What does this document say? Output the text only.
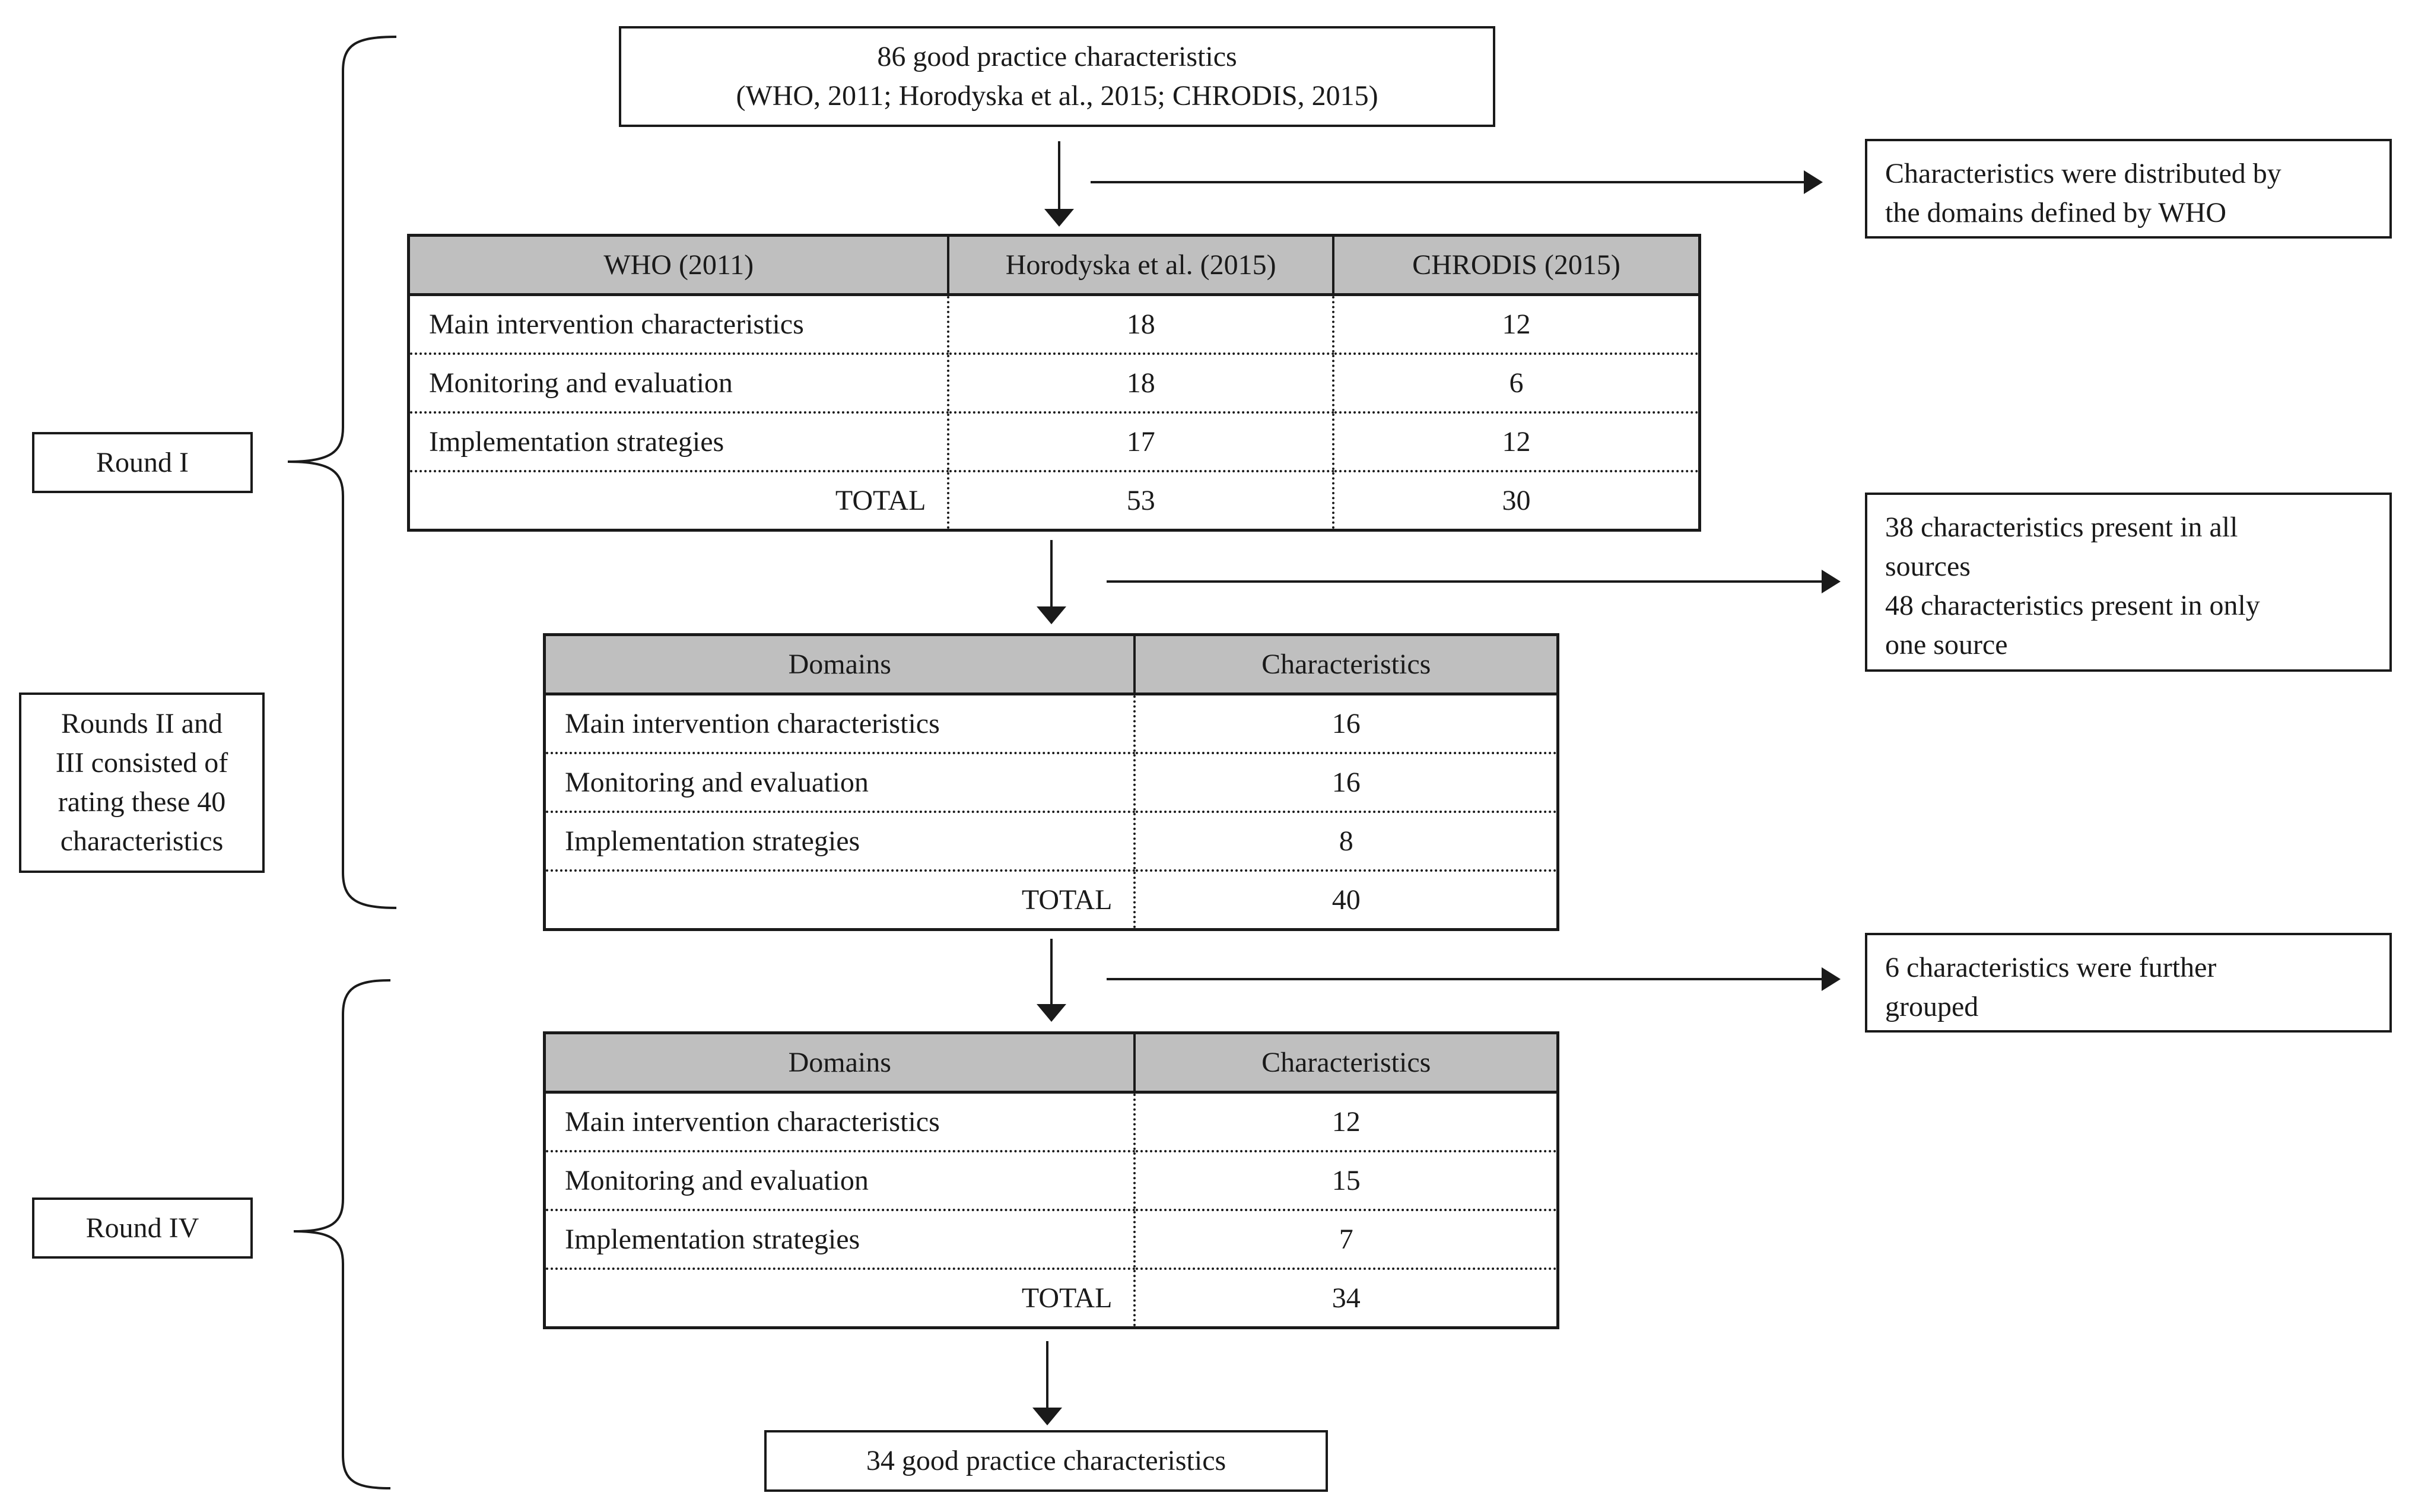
86 good practice characteristics
(WHO, 2011; Horodyska et al., 2015; CHRODIS, 2015)
Round I
Rounds II and
III consisted of
rating these 40
characteristics
Round IV
Characteristics were distributed by
the domains defined by WHO
38 characteristics present in all
sources
48 characteristics present in only
one source
6 characteristics were further
grouped
WHO (2011)	Horodyska et al. (2015)	CHRODIS (2015)
Main intervention characteristics	18	12
Monitoring and evaluation	18	6
Implementation strategies	17	12
TOTAL	53	30
Domains	Characteristics
Main intervention characteristics	16
Monitoring and evaluation	16
Implementation strategies	8
TOTAL	40
Domains	Characteristics
Main intervention characteristics	12
Monitoring and evaluation	15
Implementation strategies	7
TOTAL	34
34 good practice characteristics
